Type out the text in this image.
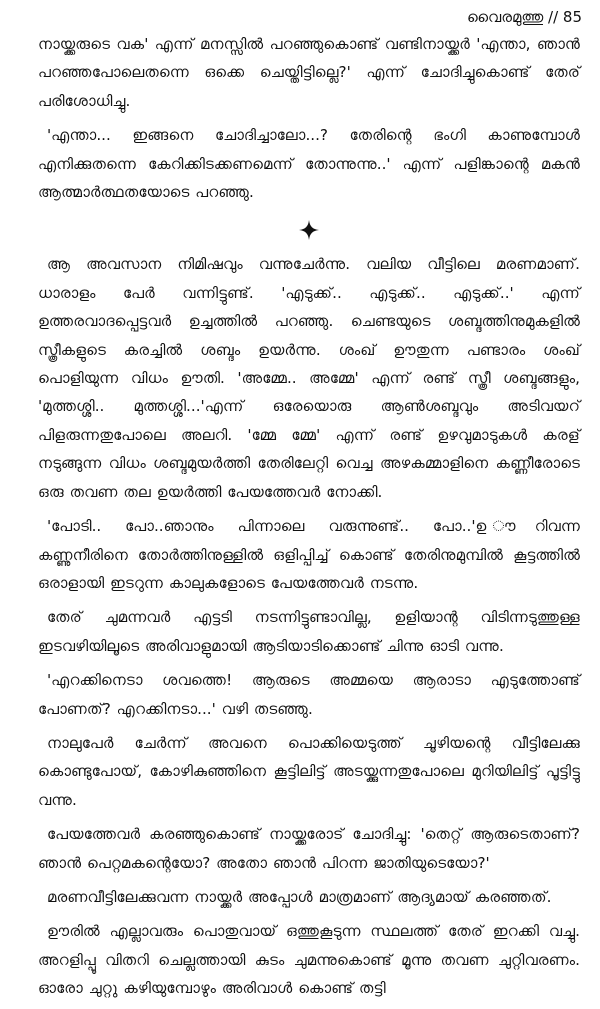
വൈരമുത്തു // 85

നായ്ക്കരുടെ വക' എന്ന് മനസ്സിൽ പറഞ്ഞുകൊണ്ട് വണ്ടിനായ്ക്കർ 'എന്താ, ഞാൻ പറഞ്ഞപോലെതന്നെ ഒക്കെ ചെയ്തിട്ടില്ലെ?' എന്ന് ചോദിച്ചുകൊണ്ട് തേര് പരിശോധിച്ചു.

'എന്താ... ഇങ്ങനെ ചോദിച്ചാലോ...? തേരിന്റെ ഭംഗി കാണുമ്പോൾ എനിക്കുതന്നെ കേറിക്കിടക്കണമെന്ന് തോന്നുന്നു..' എന്ന് പളിങ്കാന്റെ മകൻ ആത്മാർത്ഥതയോടെ പറഞ്ഞു.

ആ അവസാന നിമിഷവും വന്നുചേർന്നു. വലിയ വീട്ടിലെ മരണമാണ്. ധാരാളം പേർ വന്നിട്ടുണ്ട്. 'എടുക്ക്.. എടുക്ക്.. എടുക്ക്..' എന്ന് ഉത്തരവാദപ്പെട്ടവർ ഉച്ചത്തിൽ പറഞ്ഞു. ചെണ്ടയുടെ ശബ്ദത്തിനുമുകളിൽ സ്ത്രീകളുടെ കരച്ചിൽ ശബ്ദം ഉയർന്നു. ശംഖ് ഊതുന്ന പണ്ടാരം ശംഖ് പൊളിയുന്ന വിധം ഊതി. 'അമ്മേ.. അമ്മേ' എന്ന് രണ്ട് സ്ത്രീ ശബ്ദങ്ങളും, 'മുത്തശ്ശി.. മുത്തശ്ശി...'എന്ന് ഒരേയൊരു ആൺശബ്ദവും അടിവയറ് പിളരുന്നതുപോലെ അലറി. 'മ്മേ മ്മേ' എന്ന് രണ്ട് ഉഴവുമാടുകൾ കരള് നടുങ്ങുന്ന വിധം ശബ്ദമുയർത്തി തേരിലേറ്റി വെച്ച അഴകമ്മാളിനെ കണ്ണീരോടെ ഒരു തവണ തല ഉയർത്തി പേയത്തേവർ നോക്കി.

'പോടി.. പോ..ഞാനും പിന്നാലെ വരുന്നുണ്ട്.. പോ..'ഉ ൗറിവന്ന കണ്ണുനീരിനെ തോർത്തിനുള്ളിൽ ഒളിപ്പിച്ച് കൊണ്ട് തേരിനുമുമ്പിൽ കൂട്ടത്തിൽ ഒരാളായി ഇടറുന്ന കാലുകളോടെ പേയത്തേവർ നടന്നു.

തേര് ചുമന്നവർ എട്ടടി നടന്നിട്ടുണ്ടാവില്ല, ഉളിയാന്റ വിടിന്നടുത്തുള്ള ഇടവഴിയിലൂടെ അരിവാളുമായി ആടിയാടിക്കൊണ്ട് ചിന്നു ഓടി വന്നു.

'എറക്കിനെടാ ശവത്തെ! ആരുടെ അമ്മയെ ആരാടാ എടുത്തോണ്ട് പോണത്? എറക്കിനടാ...' വഴി തടഞ്ഞു.

നാലുപേർ ചേർന്ന് അവനെ പൊക്കിയെടുത്ത് ചൂഴിയന്റെ വീട്ടിലേക്കു കൊണ്ടുപോയ്, കോഴികുഞ്ഞിനെ കൂട്ടിലിട്ട് അടയ്ക്കുന്നതുപോലെ മുറിയിലിട്ട് പൂട്ടിട്ടു വന്നു.

പേയത്തേവർ കരഞ്ഞുകൊണ്ട് നായ്ക്കരോട് ചോദിച്ചു: 'തെറ്റ് ആരുടെതാണ്? ഞാൻ പെറ്റമകന്റെയോ? അതോ ഞാൻ പിറന്ന ജാതിയുടെയോ?'

മരണവീട്ടിലേക്കുവന്ന നായ്ക്കർ അപ്പോൾ മാത്രമാണ് ആദ്യമായ് കരഞ്ഞത്.

ഊരിൽ എല്ലാവരും പൊതുവായ് ഒത്തുകൂടുന്ന സ്ഥലത്ത് തേര് ഇറക്കി വച്ചു. അറളിപ്പൂ വിതറി ചെല്ലത്തായി കുടം ചുമന്നുകൊണ്ട് മൂന്നു തവണ ചുറ്റിവരണം. ഓരോ ചുറ്റു കഴിയുമ്പോഴും അരിവാൾ കൊണ്ട് തട്ടി
